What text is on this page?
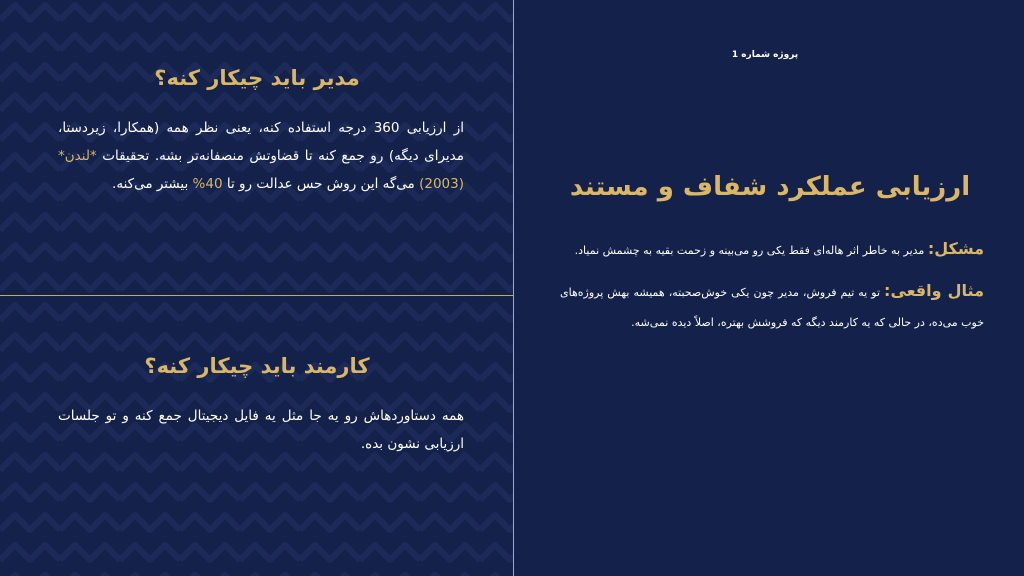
مدیر باید چیکار کنه؟
از ارزیابی 360 درجه استفاده کنه، یعنی نظر همه (همکارا، زیردستا، مدیرای دیگه) رو جمع کنه تا قضاوتش منصفانه‌تر بشه. تحقیقات *لندن* (2003) می‌گه این روش حس عدالت رو تا 40% بیشتر می‌کنه.
کارمند باید چیکار کنه؟
همه دستاوردهاش رو یه جا مثل یه فایل دیجیتال جمع کنه و تو جلسات ارزیابی نشون بده.
پروژه شماره 1
ارزیابی عملکرد شفاف و مستند
مشکل: مدیر به خاطر اثر هاله‌ای فقط یکی رو می‌بینه و زحمت بقیه به چشمش نمیاد.
مثال واقعی: تو یه تیم فروش، مدیر چون یکی خوش‌صحبته، همیشه بهش پروژه‌های خوب می‌ده، در حالی که یه کارمند دیگه که فروشش بهتره، اصلاً دیده نمی‌شه.
